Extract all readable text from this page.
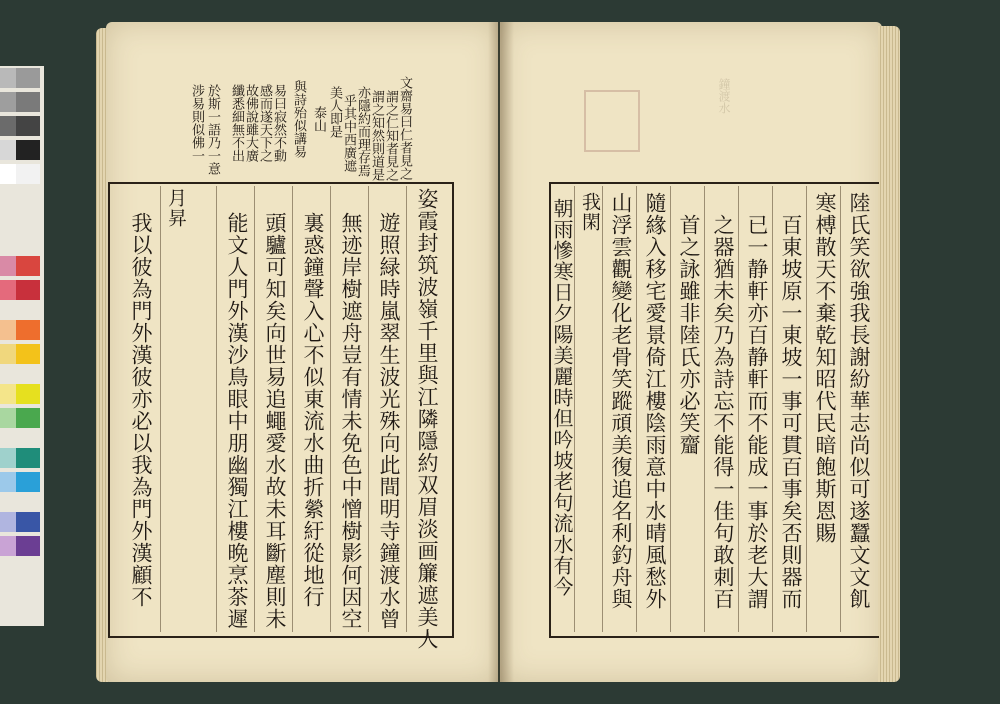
鐘渡水
文齋易曰仁者見之
謂之仁知者見之
謂之知然則道是
亦隱約而理存焉
乎其中西廣遮
美人即是
泰山
與詩殆似講易
易曰寂然不動
感而遂天下之
故佛說雖大廣
纖悉細無不出
於斯一語乃一意
涉易則似佛一
姿霞封筑波嶺千里與江隣隱約双眉淡画簾遮美人
遊照緑時嵐翠生波光殊向此間明寺鐘渡水曾
無迹岸樹遮舟豈有情未免色中憎樹影何因空
裏惑鐘聲入心不似東流水曲折縈紆從地行
頭驢可知矣向世易追蠅愛水故未耳斷塵則未
能文人門外漢沙鳥眼中朋幽獨江樓晩烹茶遲
月昇
我以彼為門外漢彼亦必以我為門外漢顧不	陸氏笑欲強我長謝紛華志尚似可遂蠶文文飢
寒榑散天不棄乾知昭代民暗飽斯恩賜
百東坡原一東坡一事可貫百事矣否則器而
已一静軒亦百静軒而不能成一事於老大謂
之器猶未矣乃為詩忘不能得一佳句敢刺百
首之詠雖非陸氏亦必笑齏
隨緣入移宅愛景倚江樓陰雨意中水晴風愁外
山浮雲觀變化老骨笑蹤頑美復追名利釣舟與
我閑
朝雨慘寒日夕陽美麗時但吟坡老句流水有今
